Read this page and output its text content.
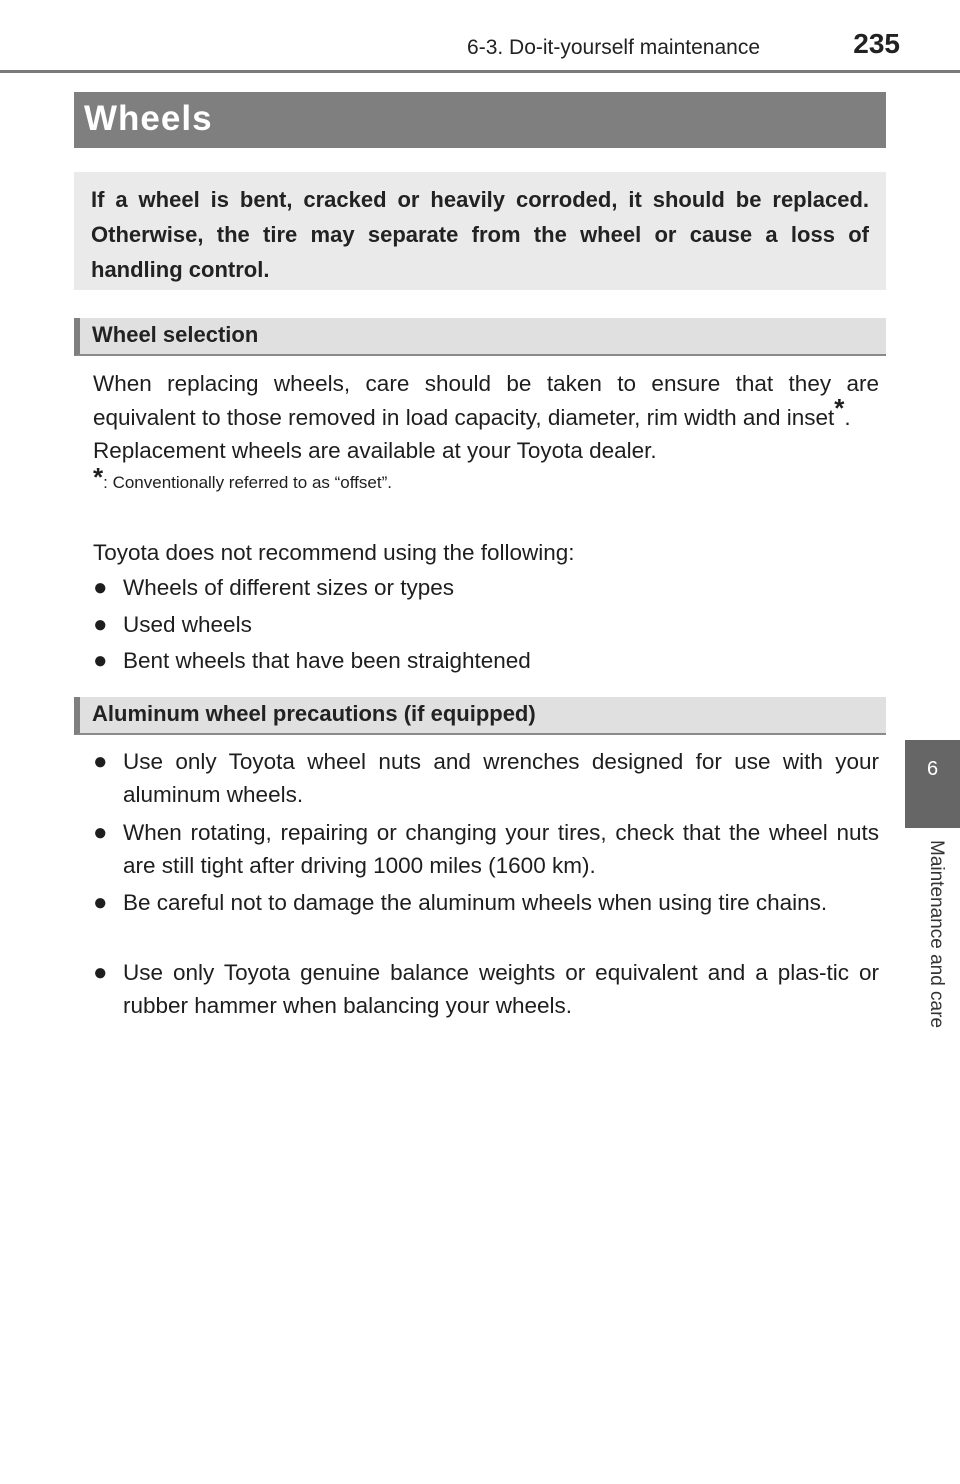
6-3. Do-it-yourself maintenance	235
6
Maintenance and care
Wheels

If a wheel is bent, cracked or heavily corroded, it should be replaced. Otherwise, the tire may separate from the wheel or cause a loss of handling control.

Wheel selection

When replacing wheels, care should be taken to ensure that they are equivalent to those removed in load capacity, diameter, rim width and inset*.

Replacement wheels are available at your Toyota dealer.

*: Conventionally referred to as “offset”.

Toyota does not recommend using the following:
● Wheels of different sizes or types
● Used wheels
● Bent wheels that have been straightened
Aluminum wheel precautions (if equipped)
● Use only Toyota wheel nuts and wrenches designed for use with your aluminum wheels.
● When rotating, repairing or changing your tires, check that the wheel nuts are still tight after driving 1000 miles (1600 km).
● Be careful not to damage the aluminum wheels when using tire chains.
● Use only Toyota genuine balance weights or equivalent and a plas-tic or rubber hammer when balancing your wheels.
